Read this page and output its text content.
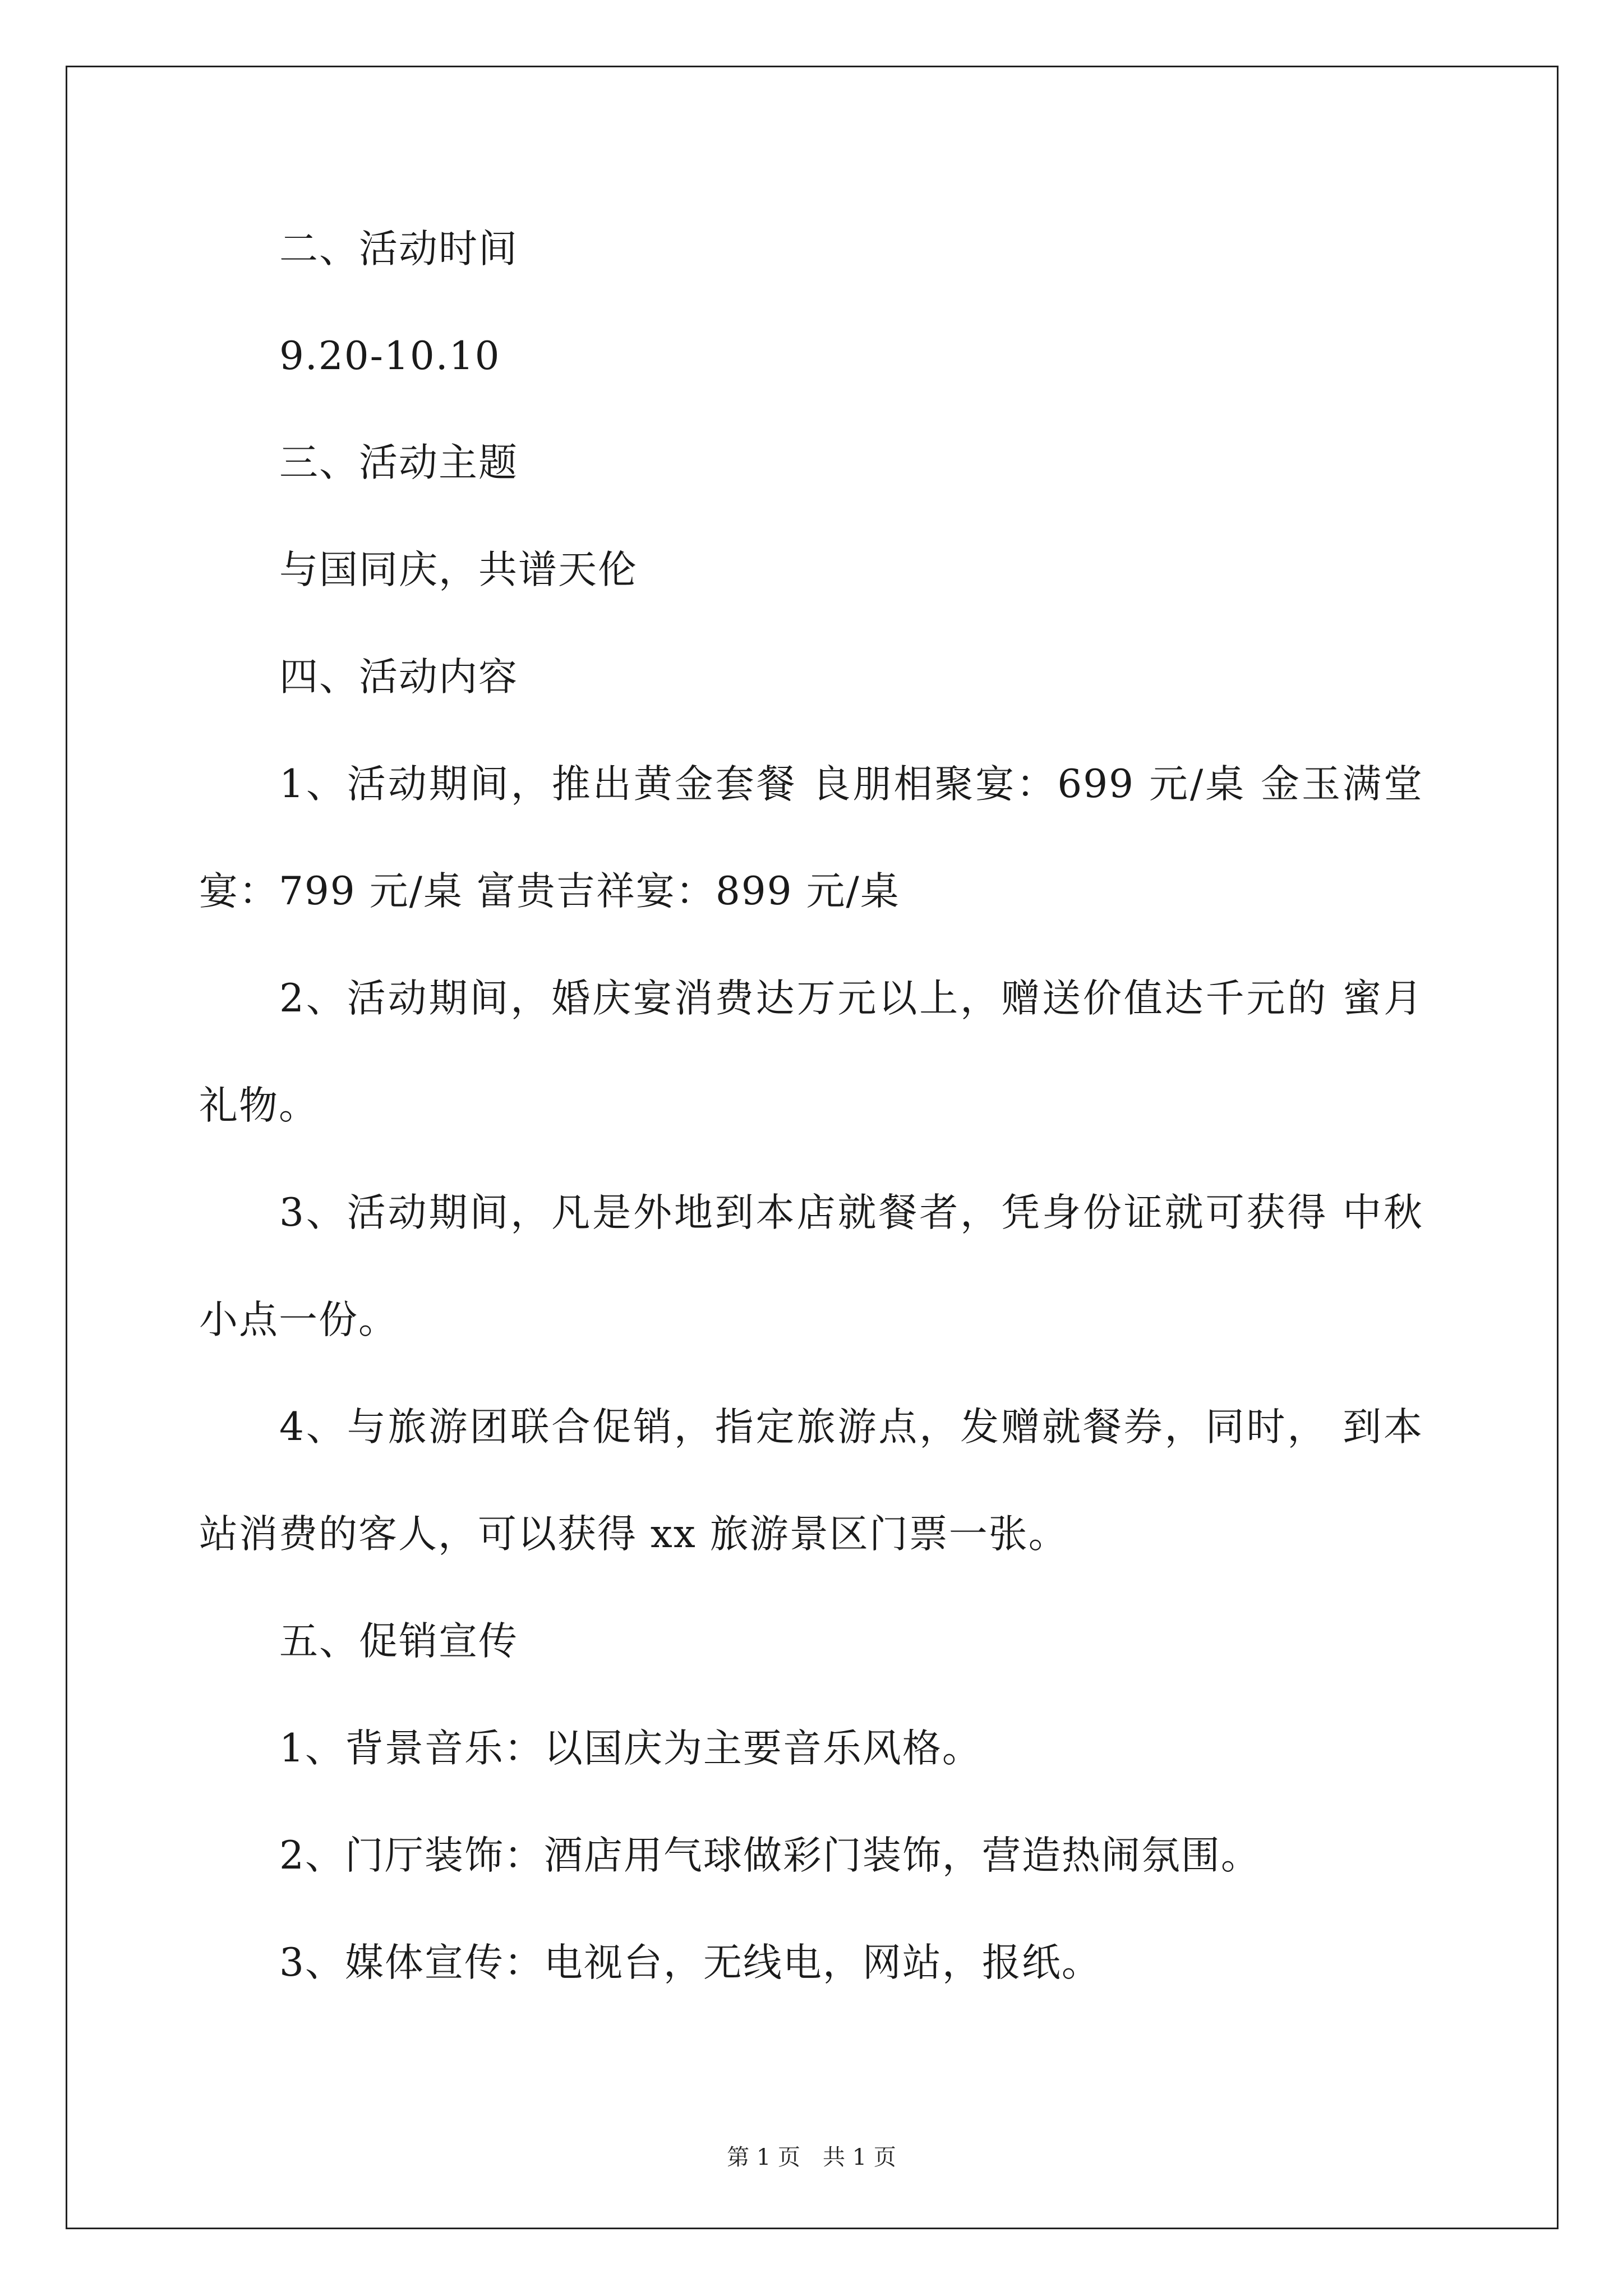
二、活动时间
9.20-10.10
三、活动主题
与国同庆，共谱天伦
四、活动内容
1、活动期间，推出黄金套餐 良朋相聚宴：699 元/桌 金玉满堂
宴：799 元/桌 富贵吉祥宴：899 元/桌
2、活动期间，婚庆宴消费达万元以上，赠送价值达千元的 蜜月
礼物。
3、活动期间，凡是外地到本店就餐者，凭身份证就可获得 中秋
小点一份。
4、与旅游团联合促销，指定旅游点，发赠就餐券，同时， 到本
站消费的客人，可以获得 xx 旅游景区门票一张。
五、促销宣传
1、背景音乐：以国庆为主要音乐风格。
2、门厅装饰：酒店用气球做彩门装饰，营造热闹氛围。
3、媒体宣传：电视台，无线电，网站，报纸。
第 1 页　共 1 页
